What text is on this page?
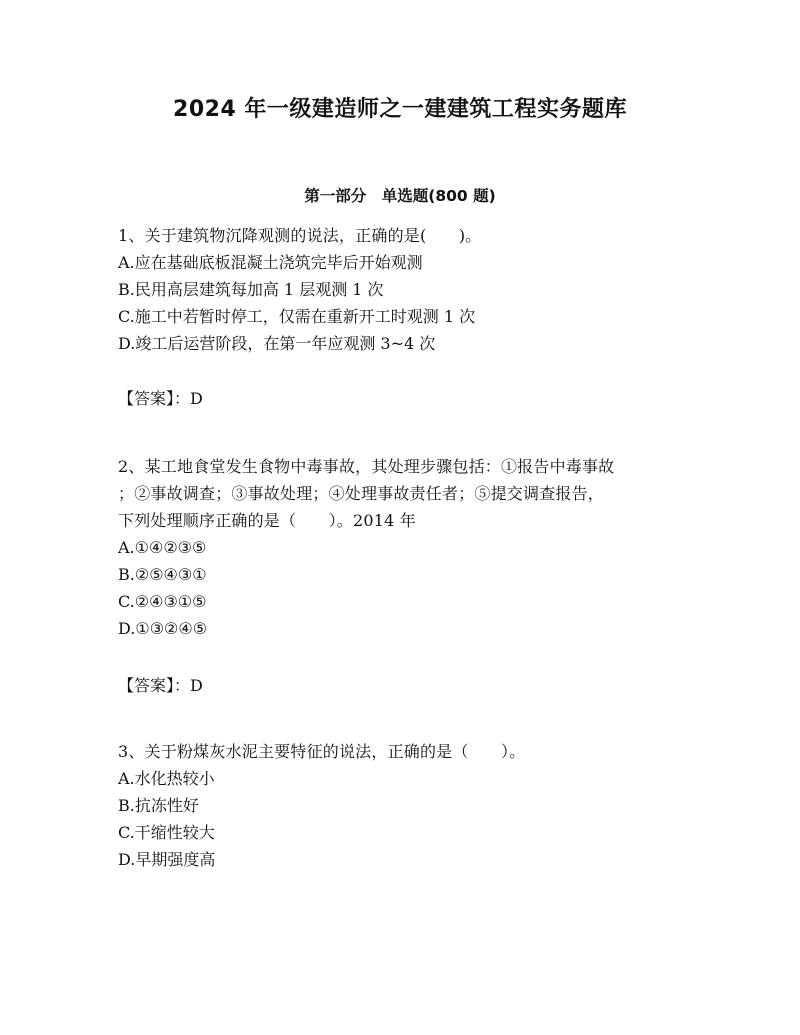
2024 年一级建造师之一建建筑工程实务题库
第一部分　单选题(800 题)
1、关于建筑物沉降观测的说法，正确的是(　　)。
A.应在基础底板混凝土浇筑完毕后开始观测
B.民用高层建筑每加高 1 层观测 1 次
C.施工中若暂时停工，仅需在重新开工时观测 1 次
D.竣工后运营阶段，在第一年应观测 3~4 次
【答案】：D
2、某工地食堂发生食物中毒事故，其处理步骤包括：①报告中毒事故
；②事故调查；③事故处理；④处理事故责任者；⑤提交调查报告，
下列处理顺序正确的是（　　）。2014 年
A.①④②③⑤
B.②⑤④③①
C.②④③①⑤
D.①③②④⑤
【答案】：D
3、关于粉煤灰水泥主要特征的说法，正确的是（　　）。
A.水化热较小
B.抗冻性好
C.干缩性较大
D.早期强度高
